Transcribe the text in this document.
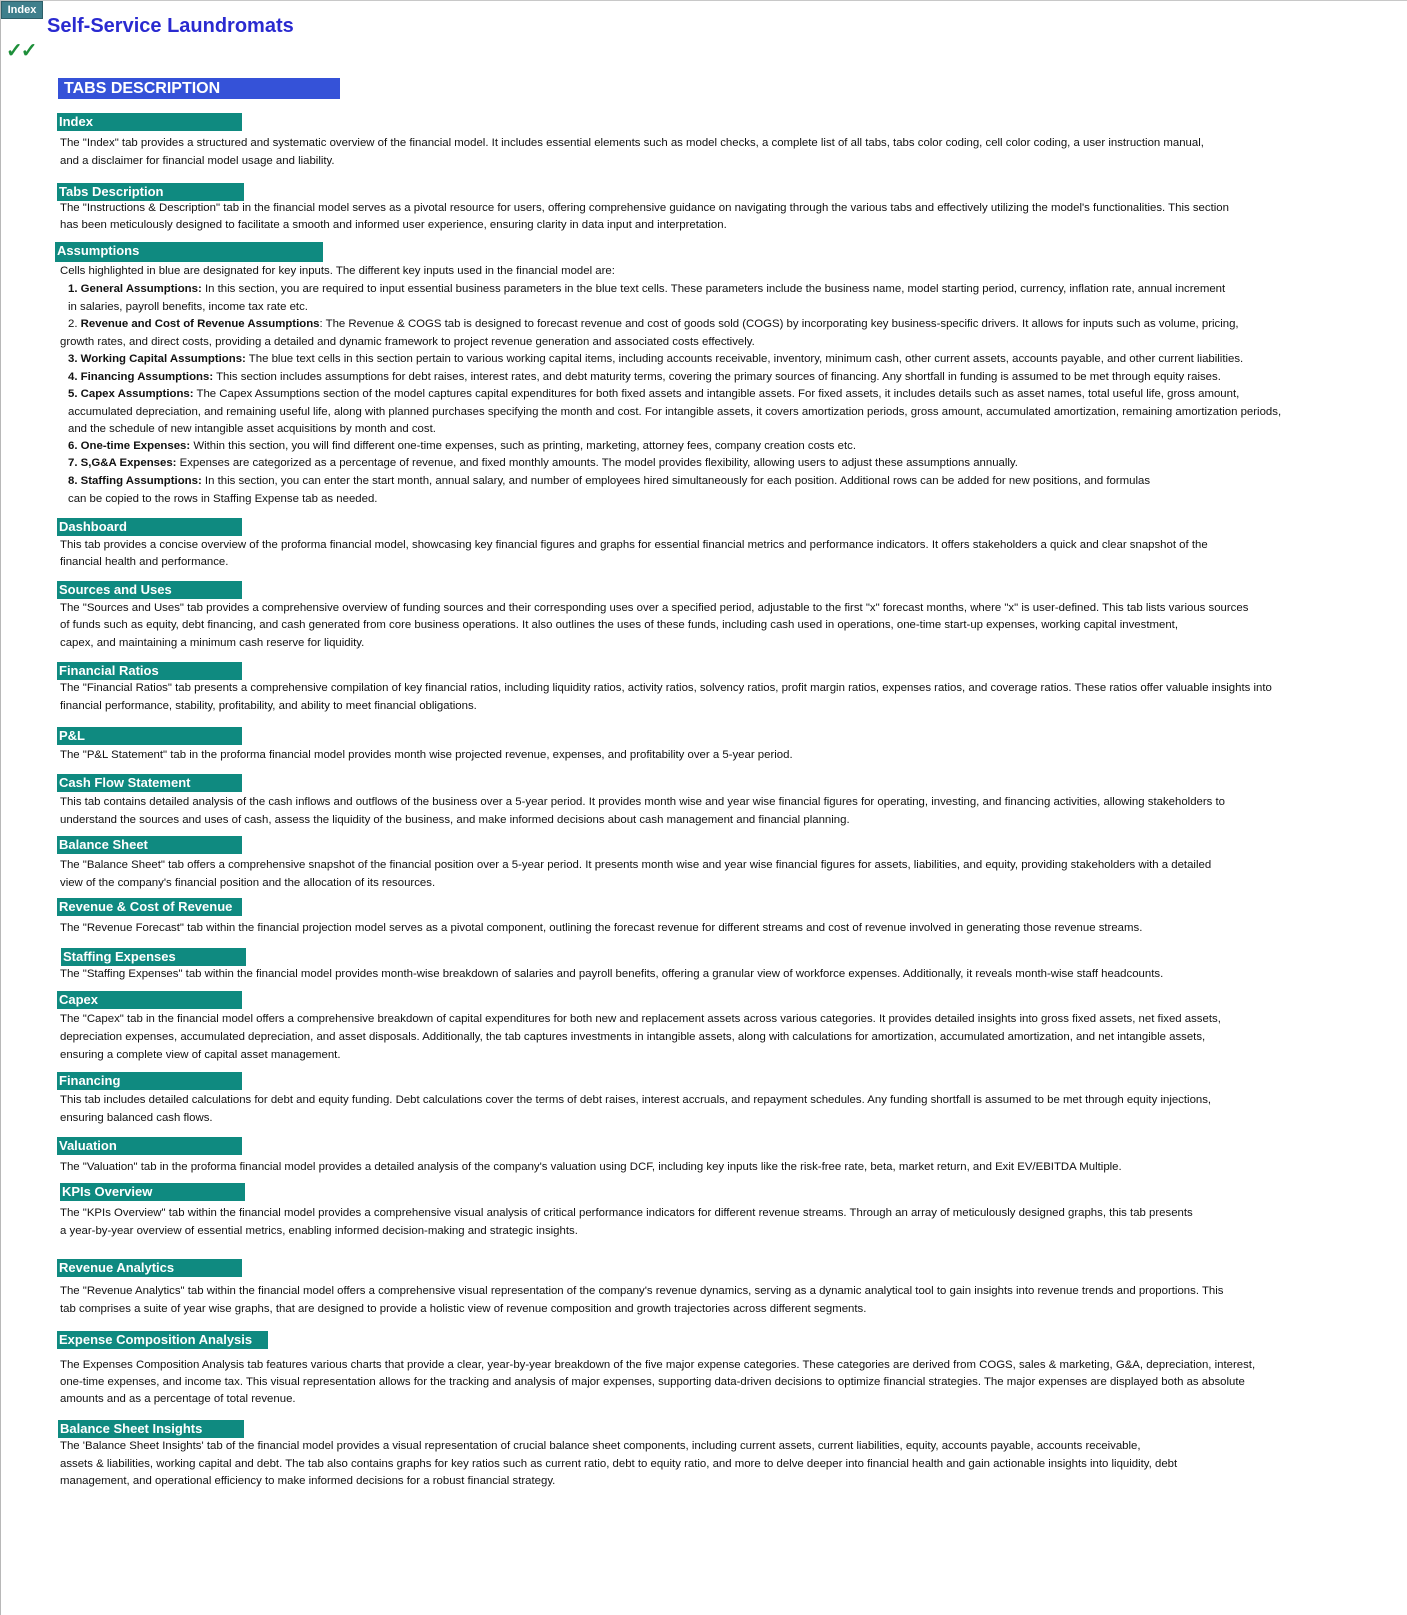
Index
✓✓
Self-Service Laundromats
TABS DESCRIPTION
Index
The "Index" tab provides a structured and systematic overview of the financial model. It includes essential elements such as model checks, a complete list of all tabs, tabs color coding, cell color coding, a user instruction manual,
and a disclaimer for financial model usage and liability.
Tabs Description
The "Instructions & Description" tab in the financial model serves as a pivotal resource for users, offering comprehensive guidance on navigating through the various tabs and effectively utilizing the model's functionalities. This section
has been meticulously designed to facilitate a smooth and informed user experience, ensuring clarity in data input and interpretation.
Assumptions
Cells highlighted in blue are designated for key inputs. The different key inputs used in the financial model are:
1. General Assumptions: In this section, you are required to input essential business parameters in the blue text cells. These parameters include the business name, model starting period, currency, inflation rate, annual increment
in salaries, payroll benefits, income tax rate etc.
2. Revenue and Cost of Revenue Assumptions: The Revenue & COGS tab is designed to forecast revenue and cost of goods sold (COGS) by incorporating key business-specific drivers. It allows for inputs such as volume, pricing,
growth rates, and direct costs, providing a detailed and dynamic framework to project revenue generation and associated costs effectively.
3. Working Capital Assumptions: The blue text cells in this section pertain to various working capital items, including accounts receivable, inventory, minimum cash, other current assets, accounts payable, and other current liabilities.
4. Financing Assumptions: This section includes assumptions for debt raises, interest rates, and debt maturity terms, covering the primary sources of financing. Any shortfall in funding is assumed to be met through equity raises.
5. Capex Assumptions: The Capex Assumptions section of the model captures capital expenditures for both fixed assets and intangible assets. For fixed assets, it includes details such as asset names, total useful life, gross amount,
accumulated depreciation, and remaining useful life, along with planned purchases specifying the month and cost. For intangible assets, it covers amortization periods, gross amount, accumulated amortization, remaining amortization periods,
and the schedule of new intangible asset acquisitions by month and cost.
6. One-time Expenses: Within this section, you will find different one-time expenses, such as printing, marketing, attorney fees, company creation costs etc.
7. S,G&A Expenses: Expenses are categorized as a percentage of revenue, and fixed monthly amounts. The model provides flexibility, allowing users to adjust these assumptions annually.
8. Staffing Assumptions: In this section, you can enter the start month, annual salary, and number of employees hired simultaneously for each position. Additional rows can be added for new positions, and formulas
can be copied to the rows in Staffing Expense tab as needed.
Dashboard
This tab provides a concise overview of the proforma financial model, showcasing key financial figures and graphs for essential financial metrics and performance indicators. It offers stakeholders a quick and clear snapshot of the
financial health and performance.
Sources and Uses
The "Sources and Uses" tab provides a comprehensive overview of funding sources and their corresponding uses over a specified period, adjustable to the first "x" forecast months, where "x" is user-defined. This tab lists various sources
of funds such as equity, debt financing, and cash generated from core business operations. It also outlines the uses of these funds, including cash used in operations, one-time start-up expenses, working capital investment,
capex, and maintaining a minimum cash reserve for liquidity.
Financial Ratios
The "Financial Ratios" tab presents a comprehensive compilation of key financial ratios, including liquidity ratios, activity ratios, solvency ratios, profit margin ratios, expenses ratios, and coverage ratios. These ratios offer valuable insights into
financial performance, stability, profitability, and ability to meet financial obligations.
P&L
The "P&L Statement" tab in the proforma financial model provides month wise projected revenue, expenses, and profitability over a 5-year period.
Cash Flow Statement
This tab contains detailed analysis of the cash inflows and outflows of the business over a 5-year period. It provides month wise and year wise financial figures for operating, investing, and financing activities, allowing stakeholders to
understand the sources and uses of cash, assess the liquidity of the business, and make informed decisions about cash management and financial planning.
Balance Sheet
The "Balance Sheet" tab offers a comprehensive snapshot of the financial position over a 5-year period. It presents month wise and year wise financial figures for assets, liabilities, and equity, providing stakeholders with a detailed
view of the company's financial position and the allocation of its resources.
Revenue & Cost of Revenue
The "Revenue Forecast" tab within the financial projection model serves as a pivotal component, outlining the forecast revenue for different streams and cost of revenue involved in generating those revenue streams.
Staffing Expenses
The "Staffing Expenses" tab within the financial model provides month-wise breakdown of salaries and payroll benefits, offering a granular view of workforce expenses. Additionally, it reveals month-wise staff headcounts.
Capex
The "Capex" tab in the financial model offers a comprehensive breakdown of capital expenditures for both new and replacement assets across various categories. It provides detailed insights into gross fixed assets, net fixed assets,
depreciation expenses, accumulated depreciation, and asset disposals. Additionally, the tab captures investments in intangible assets, along with calculations for amortization, accumulated amortization, and net intangible assets,
ensuring a complete view of capital asset management.
Financing
This tab includes detailed calculations for debt and equity funding. Debt calculations cover the terms of debt raises, interest accruals, and repayment schedules. Any funding shortfall is assumed to be met through equity injections,
ensuring balanced cash flows.
Valuation
The "Valuation" tab in the proforma financial model provides a detailed analysis of the company's valuation using DCF, including key inputs like the risk-free rate, beta, market return, and Exit EV/EBITDA Multiple.
KPIs Overview
The "KPIs Overview" tab within the financial model provides a comprehensive visual analysis of critical performance indicators for different revenue streams. Through an array of meticulously designed graphs, this tab presents
a year-by-year overview of essential metrics, enabling informed decision-making and strategic insights.
Revenue Analytics
The "Revenue Analytics" tab within the financial model offers a comprehensive visual representation of the company's revenue dynamics, serving as a dynamic analytical tool to gain insights into revenue trends and proportions. This
tab comprises a suite of year wise graphs, that are designed to provide a holistic view of revenue composition and growth trajectories across different segments.
Expense Composition Analysis
The Expenses Composition Analysis tab features various charts that provide a clear, year-by-year breakdown of the five major expense categories. These categories are derived from COGS, sales & marketing, G&A, depreciation, interest,
one-time expenses, and income tax. This visual representation allows for the tracking and analysis of major expenses, supporting data-driven decisions to optimize financial strategies. The major expenses are displayed both as absolute
amounts and as a percentage of total revenue.
Balance Sheet Insights
The 'Balance Sheet Insights' tab of the financial model provides a visual representation of crucial balance sheet components, including current assets, current liabilities, equity, accounts payable, accounts receivable,
assets & liabilities, working capital and debt. The tab also contains graphs for key ratios such as current ratio, debt to equity ratio, and more to delve deeper into financial health and gain actionable insights into liquidity, debt
management, and operational efficiency to make informed decisions for a robust financial strategy.
